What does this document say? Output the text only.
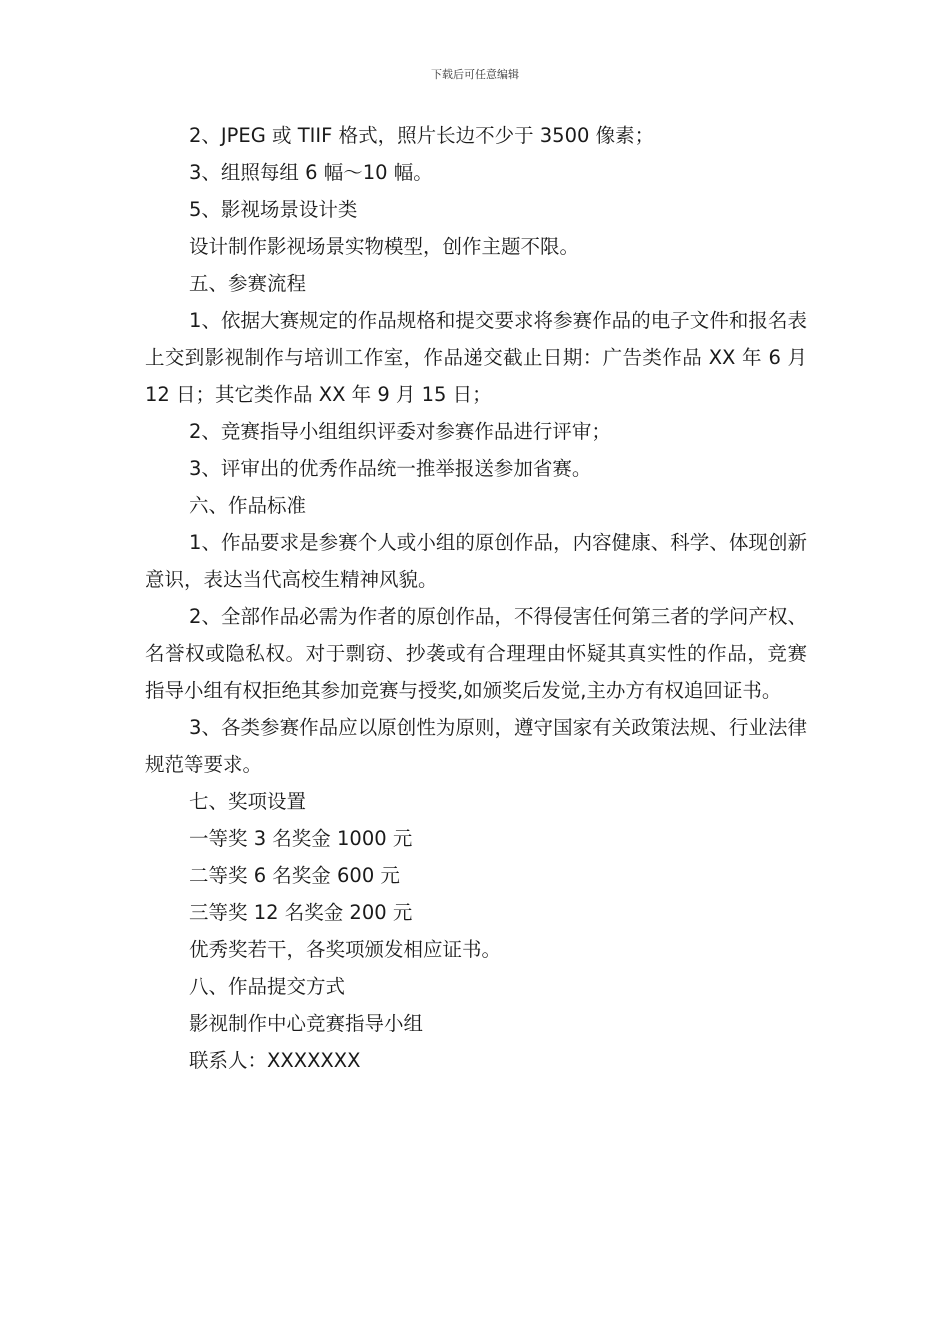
下载后可任意编辑

2、JPEG 或 TIIF 格式，照片长边不少于 3500 像素；

3、组照每组 6 幅～10 幅。

5、影视场景设计类

设计制作影视场景实物模型，创作主题不限。

五、参赛流程

1、依据大赛规定的作品规格和提交要求将参赛作品的电子文件和报名表上交到影视制作与培训工作室，作品递交截止日期：广告类作品 XX 年 6 月 12 日；其它类作品 XX 年 9 月 15 日；

2、竞赛指导小组组织评委对参赛作品进行评审；

3、评审出的优秀作品统一推举报送参加省赛。

六、作品标准

1、作品要求是参赛个人或小组的原创作品，内容健康、科学、体现创新意识，表达当代高校生精神风貌。

2、全部作品必需为作者的原创作品，不得侵害任何第三者的学问产权、名誉权或隐私权。对于剽窃、抄袭或有合理理由怀疑其真实性的作品，竞赛指导小组有权拒绝其参加竞赛与授奖,如颁奖后发觉,主办方有权追回证书。

3、各类参赛作品应以原创性为原则，遵守国家有关政策法规、行业法律规范等要求。

七、奖项设置

一等奖 3 名奖金 1000 元

二等奖 6 名奖金 600 元

三等奖 12 名奖金 200 元

优秀奖若干，各奖项颁发相应证书。

八、作品提交方式

影视制作中心竞赛指导小组

联系人：XXXXXXX
